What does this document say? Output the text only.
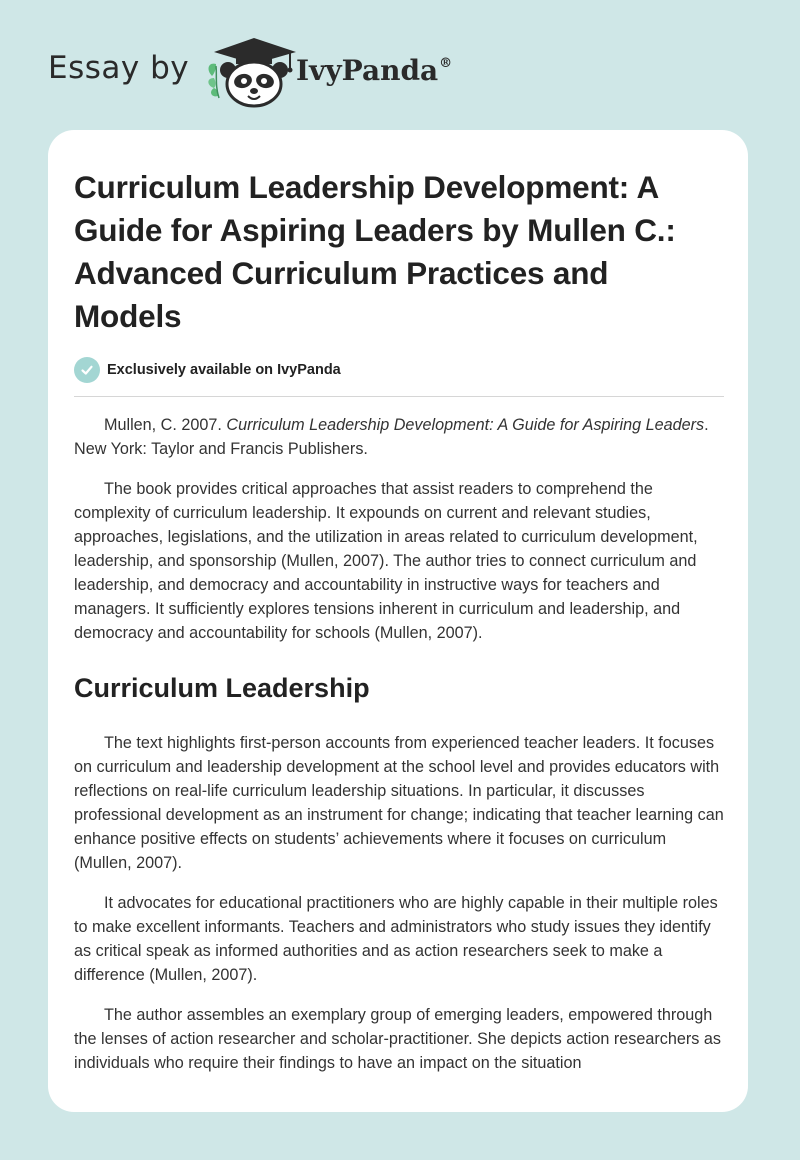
Essay by	IvyPanda®
Curriculum Leadership Development: A Guide for Aspiring Leaders by Mullen C.: Advanced Curriculum Practices and Models
Exclusively available on IvyPanda

Mullen, C. 2007. Curriculum Leadership Development: A Guide for Aspiring Leaders. New York: Taylor and Francis Publishers.

The book provides critical approaches that assist readers to comprehend the complexity of curriculum leadership. It expounds on current and relevant studies, approaches, legislations, and the utilization in areas related to curriculum development, leadership, and sponsorship (Mullen, 2007). The author tries to connect curriculum and leadership, and democracy and accountability in instructive ways for teachers and managers. It sufficiently explores tensions inherent in curriculum and leadership, and democracy and accountability for schools (Mullen, 2007).

Curriculum Leadership

The text highlights first-person accounts from experienced teacher leaders. It focuses on curriculum and leadership development at the school level and provides educators with reflections on real-life curriculum leadership situations. In particular, it discusses professional development as an instrument for change; indicating that teacher learning can enhance positive effects on students’ achievements where it focuses on curriculum (Mullen, 2007).

It advocates for educational practitioners who are highly capable in their multiple roles to make excellent informants. Teachers and administrators who study issues they identify as critical speak as informed authorities and as action researchers seek to make a difference (Mullen, 2007).

The author assembles an exemplary group of emerging leaders, empowered through the lenses of action researcher and scholar-practitioner. She depicts action researchers as individuals who require their findings to have an impact on the situation
